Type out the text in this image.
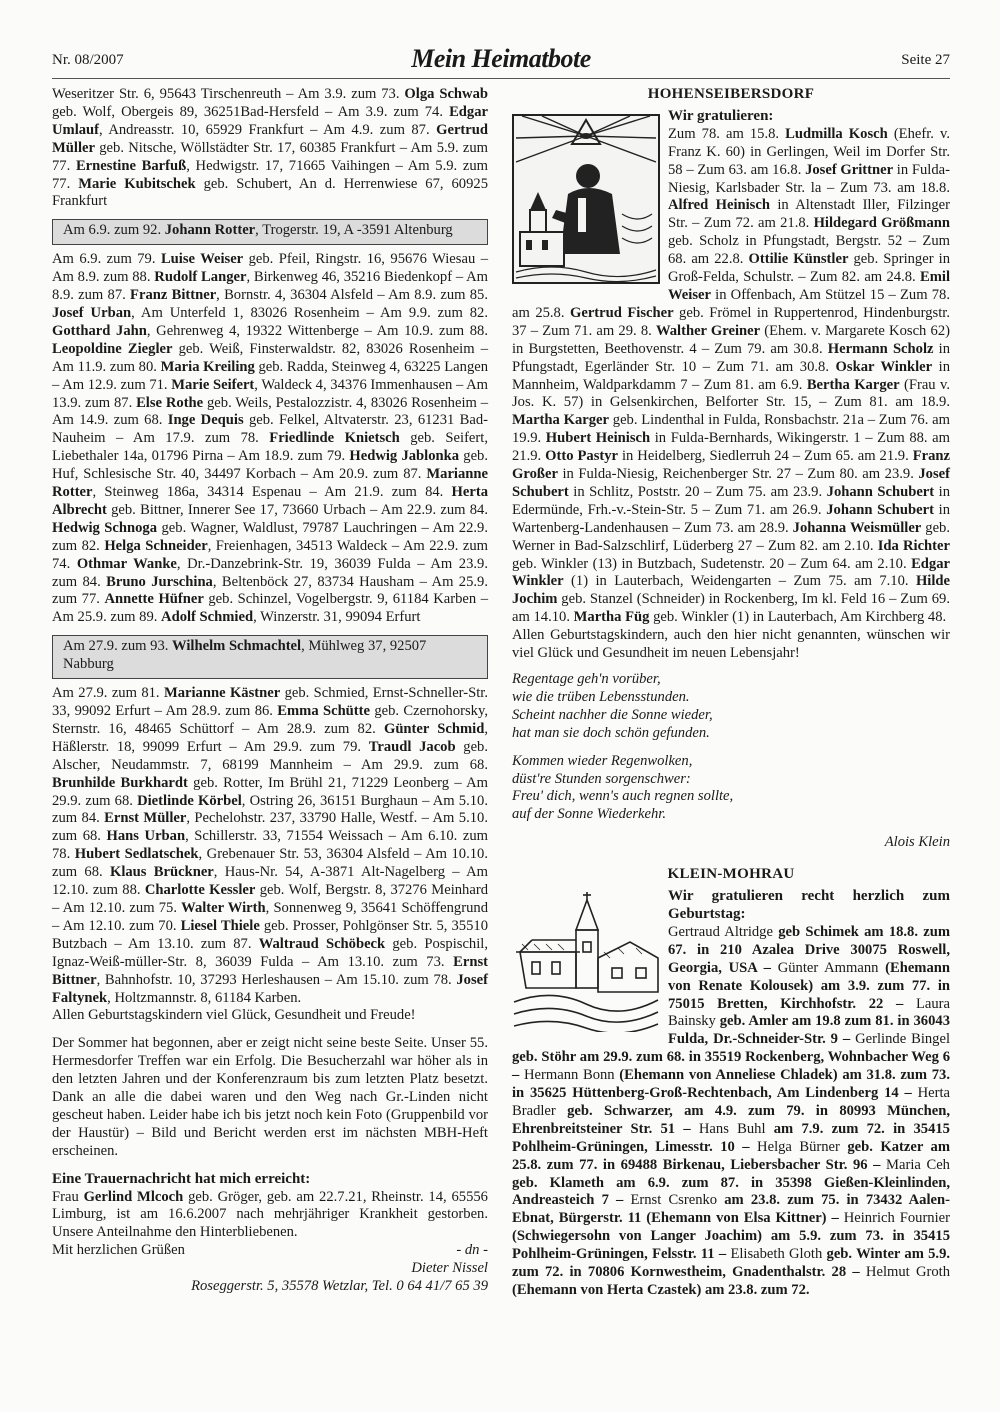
Nr. 08/2007	Mein Heimatbote	Seite 27

Weseritzer Str. 6, 95643 Tirschenreuth – Am 3.9. zum 73. Olga Schwab geb. Wolf, Obergeis 89, 36251Bad-Hersfeld – Am 3.9. zum 74. Edgar Umlauf, Andreasstr. 10, 65929 Frankfurt – Am 4.9. zum 87. Gertrud Müller geb. Nitsche, Wöllstädter Str. 17, 60385 Frankfurt – Am 5.9. zum 77. Ernestine Barfuß, Hedwigstr. 17, 71665 Vaihingen – Am 5.9. zum 77. Marie Kubitschek geb. Schubert, An d. Herrenwiese 67, 60925 Frankfurt

Am 6.9. zum 92. Johann Rotter, Trogerstr. 19, A -3591 Altenburg

Am 6.9. zum 79. Luise Weiser geb. Pfeil, Ringstr. 16, 95676 Wiesau – Am 8.9. zum 88. Rudolf Langer, Birkenweg 46, 35216 Biedenkopf – Am 8.9. zum 87. Franz Bittner, Bornstr. 4, 36304 Alsfeld – Am 8.9. zum 85. Josef Urban, Am Unterfeld 1, 83026 Rosenheim – Am 9.9. zum 82. Gotthard Jahn, Gehrenweg 4, 19322 Wittenberge – Am 10.9. zum 88. Leopoldine Ziegler geb. Weiß, Finsterwaldstr. 82, 83026 Rosenheim – Am 11.9. zum 80. Maria Kreiling geb. Radda, Steinweg 4, 63225 Langen – Am 12.9. zum 71. Marie Seifert, Waldeck 4, 34376 Immenhausen – Am 13.9. zum 87. Else Rothe geb. Weils, Pestalozzistr. 4, 83026 Rosenheim – Am 14.9. zum 68. Inge Dequis geb. Felkel, Altvaterstr. 23, 61231 Bad-Nauheim – Am 17.9. zum 78. Friedlinde Knietsch geb. Seifert, Liebethaler 14a, 01796 Pirna – Am 18.9. zum 79. Hedwig Jablonka geb. Huf, Schlesische Str. 40, 34497 Korbach – Am 20.9. zum 87. Marianne Rotter, Steinweg 186a, 34314 Espenau – Am 21.9. zum 84. Herta Albrecht geb. Bittner, Innerer See 17, 73660 Urbach – Am 22.9. zum 84. Hedwig Schnoga geb. Wagner, Waldlust, 79787 Lauchringen – Am 22.9. zum 82. Helga Schneider, Freienhagen, 34513 Waldeck – Am 22.9. zum 74. Othmar Wanke, Dr.-Danzebrink-Str. 19, 36039 Fulda – Am 23.9. zum 84. Bruno Jurschina, Beltenböck 27, 83734 Hausham – Am 25.9. zum 77. Annette Hüfner geb. Schinzel, Vogelbergstr. 9, 61184 Karben – Am 25.9. zum 89. Adolf Schmied, Winzerstr. 31, 99094 Erfurt

Am 27.9. zum 93. Wilhelm Schmachtel, Mühlweg 37, 92507 Nabburg

Am 27.9. zum 81. Marianne Kästner geb. Schmied, Ernst-Schneller-Str. 33, 99092 Erfurt – Am 28.9. zum 86. Emma Schütte geb. Czernohorsky, Sternstr. 16, 48465 Schüttorf – Am 28.9. zum 82. Günter Schmid, Häßlerstr. 18, 99099 Erfurt – Am 29.9. zum 79. Traudl Jacob geb. Alscher, Neudammstr. 7, 68199 Mannheim – Am 29.9. zum 68. Brunhilde Burkhardt geb. Rotter, Im Brühl 21, 71229 Leonberg – Am 29.9. zum 68. Dietlinde Körbel, Ostring 26, 36151 Burghaun – Am 5.10. zum 84. Ernst Müller, Pechelohstr. 237, 33790 Halle, Westf. – Am 5.10. zum 68. Hans Urban, Schillerstr. 33, 71554 Weissach – Am 6.10. zum 78. Hubert Sedlatschek, Grebenauer Str. 53, 36304 Alsfeld – Am 10.10. zum 68. Klaus Brückner, Haus-Nr. 54, A-3871 Alt-Nagelberg – Am 12.10. zum 88. Charlotte Kessler geb. Wolf, Bergstr. 8, 37276 Meinhard – Am 12.10. zum 75. Walter Wirth, Sonnenweg 9, 35641 Schöffengrund – Am 12.10. zum 70. Liesel Thiele geb. Prosser, Pohlgönser Str. 5, 35510 Butzbach – Am 13.10. zum 87. Waltraud Schöbeck geb. Pospischil, Ignaz-Weiß-müller-Str. 8, 36039 Fulda – Am 13.10. zum 73. Ernst Bittner, Bahnhofstr. 10, 37293 Herleshausen – Am 15.10. zum 78. Josef Faltynek, Holtzmannstr. 8, 61184 Karben.

Allen Geburtstagskindern viel Glück, Gesundheit und Freude!

Der Sommer hat begonnen, aber er zeigt nicht seine beste Seite. Unser 55. Hermesdorfer Treffen war ein Erfolg. Die Besucherzahl war höher als in den letzten Jahren und der Konferenzraum bis zum letzten Platz besetzt. Dank an alle die dabei waren und den Weg nach Gr.-Linden nicht gescheut haben. Leider habe ich bis jetzt noch kein Foto (Gruppenbild vor der Haustür) – Bild und Bericht werden erst im nächsten MBH-Heft erscheinen.

Eine Trauernachricht hat mich erreicht:

Frau Gerlind Mlcoch geb. Gröger, geb. am 22.7.21, Rheinstr. 14, 65556 Limburg, ist am 16.6.2007 nach mehrjähriger Krankheit gestorben. Unsere Anteilnahme den Hinterbliebenen.

Mit herzlichen Grüßen	- dn -

Dieter Nissel

Roseggerstr. 5, 35578 Wetzlar, Tel. 0 64 41/7 65 39

HOHENSEIBERSDORF

Wir gratulieren:

Zum 78. am 15.8. Ludmilla Kosch (Ehefr. v. Franz K. 60) in Gerlingen, Weil im Dorfer Str. 58 – Zum 63. am 16.8. Josef Grittner in Fulda-Niesig, Karlsbader Str. la – Zum 73. am 18.8. Alfred Heinisch in Altenstadt Iller, Filzinger Str. – Zum 72. am 21.8. Hildegard Größmann geb. Scholz in Pfungstadt, Bergstr. 52 – Zum 68. am 22.8. Ottilie Künstler geb. Springer in Groß-Felda, Schulstr. – Zum 82. am 24.8. Emil Weiser in Offenbach, Am Stützel 15 – Zum 78. am 25.8. Gertrud Fischer geb. Frömel in Ruppertenrod, Hindenburgstr. 37 – Zum 71. am 29. 8. Walther Greiner (Ehem. v. Margarete Kosch 62) in Burgstetten, Beethovenstr. 4 – Zum 79. am 30.8. Hermann Scholz in Pfungstadt, Egerländer Str. 10 – Zum 71. am 30.8. Oskar Winkler in Mannheim, Waldparkdamm 7 – Zum 81. am 6.9. Bertha Karger (Frau v. Jos. K. 57) in Gelsenkirchen, Belforter Str. 15, – Zum 81. am 18.9. Martha Karger geb. Lindenthal in Fulda, Ronsbachstr. 21a – Zum 76. am 19.9. Hubert Heinisch in Fulda-Bernhards, Wikingerstr. 1 – Zum 88. am 21.9. Otto Pastyr in Heidelberg, Siedlerruh 24 – Zum 65. am 21.9. Franz Großer in Fulda-Niesig, Reichenberger Str. 27 – Zum 80. am 23.9. Josef Schubert in Schlitz, Poststr. 20 – Zum 75. am 23.9. Johann Schubert in Edermünde, Frh.-v.-Stein-Str. 5 – Zum 71. am 26.9. Johann Schubert in Wartenberg-Landenhausen – Zum 73. am 28.9. Johanna Weismüller geb. Werner in Bad-Salzschlirf, Lüderberg 27 – Zum 82. am 2.10. Ida Richter geb. Winkler (13) in Butzbach, Sudetenstr. 20 – Zum 64. am 2.10. Edgar Winkler (1) in Lauterbach, Weidengarten – Zum 75. am 7.10. Hilde Jochim geb. Stanzel (Schneider) in Rockenberg, Im kl. Feld 16 – Zum 69. am 14.10. Martha Füg geb. Winkler (1) in Lauterbach, Am Kirchberg 48.

Allen Geburtstagskindern, auch den hier nicht genannten, wünschen wir viel Glück und Gesundheit im neuen Lebensjahr!

Regentage geh'n vorüber,
wie die trüben Lebensstunden.
Scheint nachher die Sonne wieder,
hat man sie doch schön gefunden.
Kommen wieder Regenwolken,
düst're Stunden sorgenschwer:
Freu' dich, wenn's auch regnen sollte,
auf der Sonne Wiederkehr.
Alois Klein

KLEIN-MOHRAU

Wir gratulieren recht herzlich zum Geburtstag:

Gertraud Altridge geb Schimek am 18.8. zum 67. in 210 Azalea Drive 30075 Roswell, Georgia, USA – Günter Ammann (Ehemann von Renate Kolousek) am 3.9. zum 77. in 75015 Bretten, Kirchhofstr. 22 – Laura Bainsky geb. Amler am 19.8 zum 81. in 36043 Fulda, Dr.-Schneider-Str. 9 – Gerlinde Bingel geb. Stöhr am 29.9. zum 68. in 35519 Rockenberg, Wohnbacher Weg 6 – Hermann Bonn (Ehemann von Anneliese Chladek) am 31.8. zum 73. in 35625 Hüttenberg-Groß-Rechtenbach, Am Lindenberg 14 – Herta Bradler geb. Schwarzer, am 4.9. zum 79. in 80993 München, Ehrenbreitsteiner Str. 51 – Hans Buhl am 7.9. zum 72. in 35415 Pohlheim-Grüningen, Limesstr. 10 – Helga Bürner geb. Katzer am 25.8. zum 77. in 69488 Birkenau, Liebersbacher Str. 96 – Maria Ceh geb. Klameth am 6.9. zum 87. in 35398 Gießen-Kleinlinden, Andreasteich 7 – Ernst Csrenko am 23.8. zum 75. in 73432 Aalen-Ebnat, Bürgerstr. 11 (Ehemann von Elsa Kittner) – Heinrich Fournier (Schwiegersohn von Langer Joachim) am 5.9. zum 73. in 35415 Pohlheim-Grüningen, Felsstr. 11 – Elisabeth Gloth geb. Winter am 5.9. zum 72. in 70806 Kornwestheim, Gnadenthalstr. 28 – Helmut Groth (Ehemann von Herta Czastek) am 23.8. zum 72.
